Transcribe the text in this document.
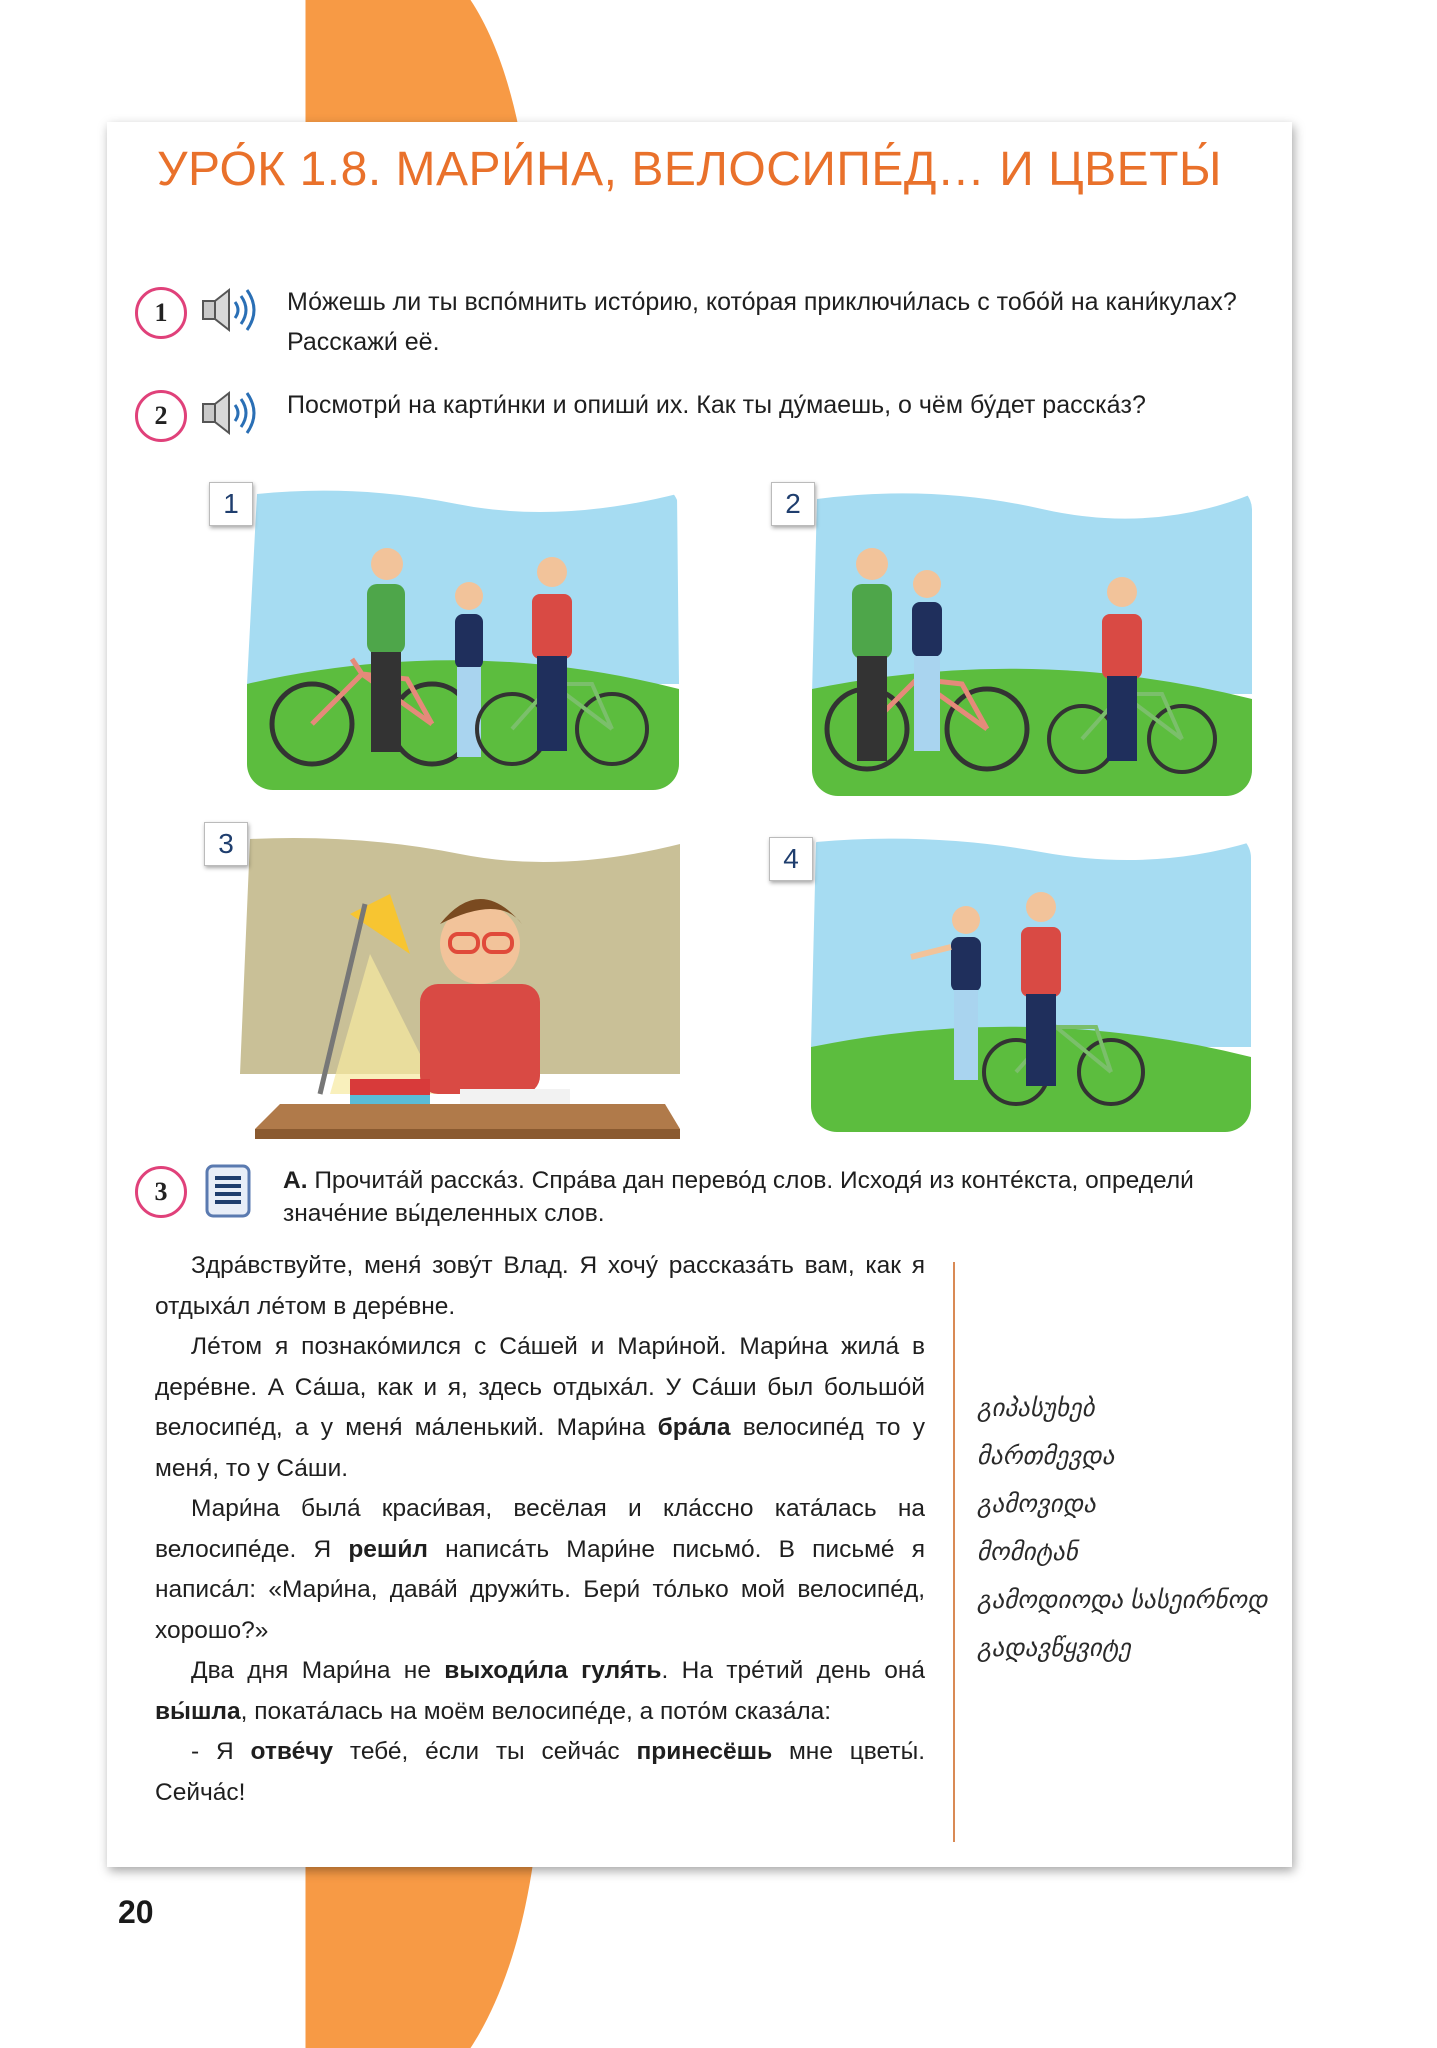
УРО́К 1.8. МАРИ́НА, ВЕЛОСИПЕ́Д… И ЦВЕТЫ́
1	Мо́жешь ли ты вспо́мнить исто́рию, кото́рая приключи́лась с тобо́й на кани́кулах? Расскажи́ её.
2	Посмотри́ на карти́нки и опиши́ их. Как ты ду́маешь, о чём бу́дет расска́з?
1	2
3	4
3	А. Прочита́й расска́з. Спра́ва дан перево́д слов. Исходя́ из конте́кста, определи́ значе́ние вы́деленных слов.

Здра́вствуйте, меня́ зову́т Влад. Я хочу́ рассказа́ть вам, как я отдыха́л ле́том в дере́вне.

Ле́том я познако́мился с Са́шей и Мари́ной. Мари́на жила́ в дере́вне. А Са́ша, как и я, здесь отдыха́л. У Са́ши был большо́й велосипе́д, а у меня́ ма́ленький. Мари́на бра́ла велосипе́д то у меня́, то у Са́ши.

Мари́на была́ краси́вая, весёлая и кла́ссно ката́лась на велосипе́де. Я реши́л написа́ть Мари́не письмо́. В письме́ я написа́л: «Мари́на, дава́й дружи́ть. Бери́ то́лько мой велосипе́д, хорошо?»

Два дня Мари́на не выходи́ла гуля́ть. На тре́тий день она́ вы́шла, поката́лась на моём велосипе́де, а пото́м сказа́ла:

- Я отве́чу тебе́, е́сли ты сейча́с принесёшь мне цветы́. Сейча́с!

გიპასუხებ
მართმევდა
გამოვიდა
მომიტან
გამოდიოდა სასეირნოდ
გადავწყვიტე
20
